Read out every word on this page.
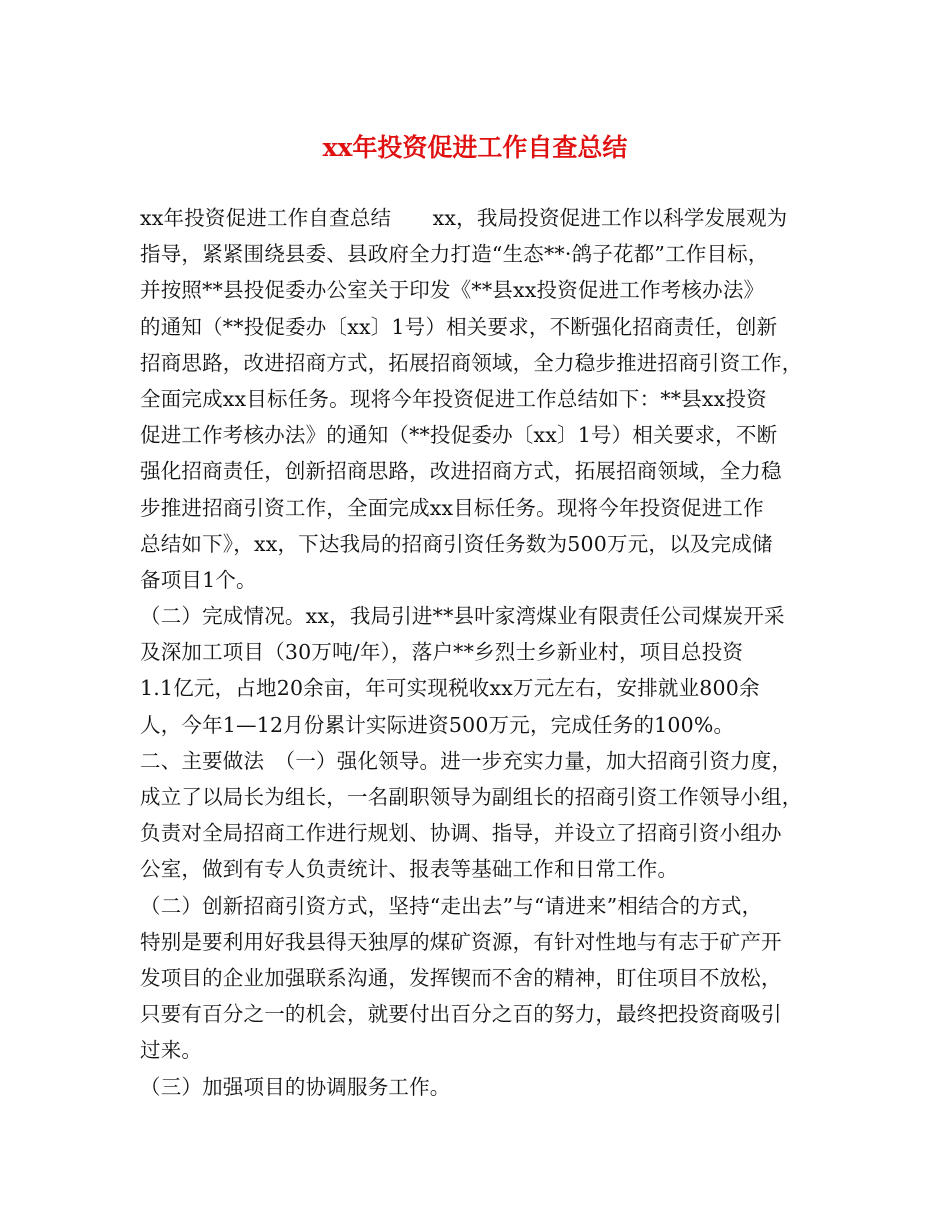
xx年投资促进工作自查总结
xx年投资促进工作自查总结　　xx，我局投资促进工作以科学发展观为
指导，紧紧围绕县委、县政府全力打造“生态**·鸽子花都”工作目标，
并按照**县投促委办公室关于印发《**县xx投资促进工作考核办法》
的通知（**投促委办〔xx〕1号）相关要求，不断强化招商责任，创新
招商思路，改进招商方式，拓展招商领域，全力稳步推进招商引资工作，
全面完成xx目标任务。现将今年投资促进工作总结如下：**县xx投资
促进工作考核办法》的通知（**投促委办〔xx〕1号）相关要求，不断
强化招商责任，创新招商思路，改进招商方式，拓展招商领域，全力稳
步推进招商引资工作，全面完成xx目标任务。现将今年投资促进工作
总结如下》，xx，下达我局的招商引资任务数为500万元，以及完成储
备项目1个。
（二）完成情况。xx，我局引进**县叶家湾煤业有限责任公司煤炭开采
及深加工项目（30万吨/年），落户**乡烈士乡新业村，项目总投资
1.1亿元，占地20余亩，年可实现税收xx万元左右，安排就业800余
人，今年1—12月份累计实际进资500万元，完成任务的100%。
二、主要做法　（一）强化领导。进一步充实力量，加大招商引资力度，
成立了以局长为组长，一名副职领导为副组长的招商引资工作领导小组，
负责对全局招商工作进行规划、协调、指导，并设立了招商引资小组办
公室，做到有专人负责统计、报表等基础工作和日常工作。
（二）创新招商引资方式，坚持“走出去”与“请进来”相结合的方式，
特别是要利用好我县得天独厚的煤矿资源，有针对性地与有志于矿产开
发项目的企业加强联系沟通，发挥锲而不舍的精神，盯住项目不放松，
只要有百分之一的机会，就要付出百分之百的努力，最终把投资商吸引
过来。
（三）加强项目的协调服务工作。
